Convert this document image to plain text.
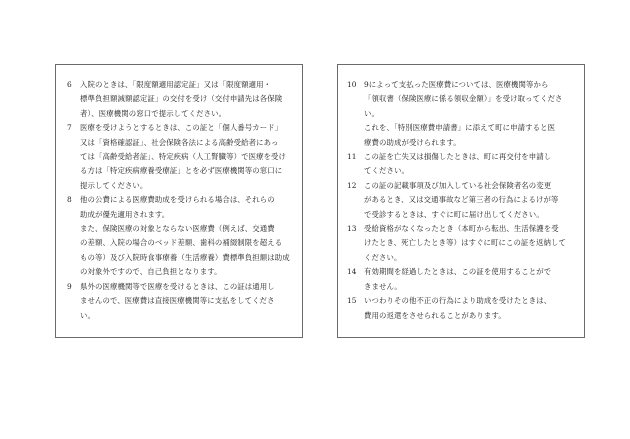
6	入院のときは、「限度額適用認定証」又は「限度額適用・
標準負担額減額認定証」の交付を受け（交付申請先は各保険
者）、医療機関の窓口で提示してください。
7	医療を受けようとするときは、この証と「個人番号カード」
又は「資格確認証」、社会保険各法による高齢受給者にあっ
ては「高齢受給者証」、特定疾病（人工腎臓等）で医療を受け
る方は「特定疾病療養受療証」とを必ず医療機関等の窓口に
提示してください。
8	他の公費による医療費助成を受けられる場合は、それらの
助成が優先適用されます。
また、保険医療の対象とならない医療費（例えば、交通費
の差額、入院の場合のベッド差額、歯科の補綴制限を超える
もの等）及び入院時食事療養（生活療養）費標準負担額は助成
の対象外ですので、自己負担となります。
9	県外の医療機関等で医療を受けるときは、この証は通用し
ませんので、医療費は直接医療機関等に支払をしてくださ
い。
10 9によって支払った医療費については、医療機関等から
「領収書（保険医療に係る領収金額）」を受け取ってくださ
い。
これを、「特別医療費申請書」に添えて町に申請すると医
療費の助成が受けられます。
11 この証を亡失又は損傷したときは、町に再交付を申請し
てください。
12 この証の記載事項及び加入している社会保険者名の変更
があるとき、又は交通事故など第三者の行為によるけが等
で受診するときは、すぐに町に届け出してください。
13 受給資格がなくなったとき（本町から転出、生活保護を受
けたとき、死亡したとき等）はすぐに町にこの証を返納して
ください。
14 有効期間を経過したときは、この証を使用することがで
きません。
15 いつわりその他不正の行為により助成を受けたときは、
費用の返還をさせられることがあります。
